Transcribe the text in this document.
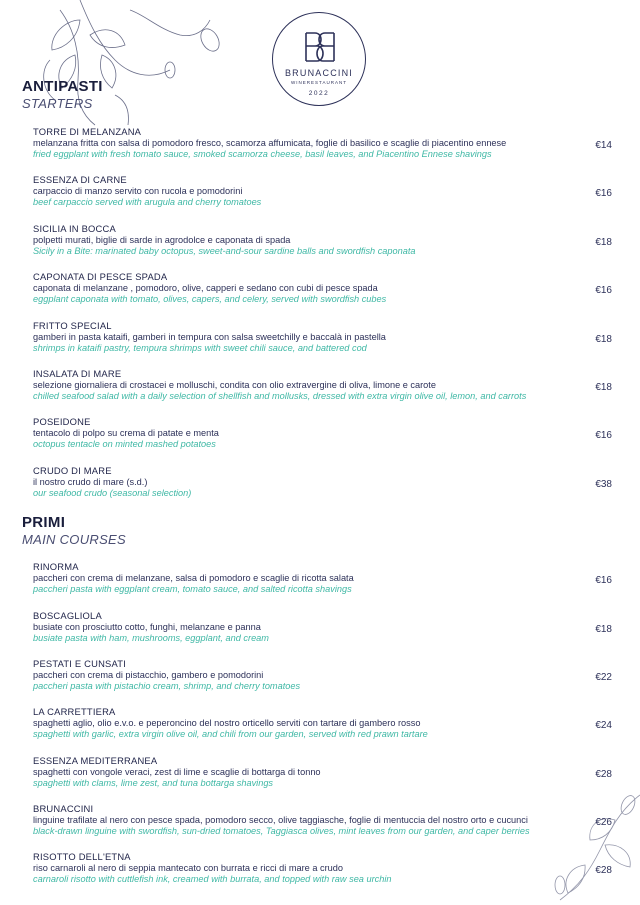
BRUNACCINI
WINERESTAURANT
2022
ANTIPASTI
STARTERS
TORRE DI MELANZANA
melanzana fritta con salsa di pomodoro fresco, scamorza affumicata, foglie di basilico e scaglie di piacentino ennese
fried eggplant with fresh tomato sauce, smoked scamorza cheese, basil leaves, and Piacentino Ennese shavings
€14
ESSENZA DI CARNE
carpaccio di manzo servito con rucola e pomodorini
beef carpaccio served with arugula and cherry tomatoes
€16
SICILIA IN BOCCA
polpetti murati, biglie di sarde in agrodolce e caponata di spada
Sicily in a Bite: marinated baby octopus, sweet-and-sour sardine balls and swordfish caponata
€18
CAPONATA DI PESCE SPADA
caponata di melanzane , pomodoro, olive, capperi e sedano con cubi di pesce spada
eggplant caponata with tomato, olives, capers, and celery, served with swordfish cubes
€16
FRITTO SPECIAL
gamberi in pasta kataifi, gamberi in tempura con salsa sweetchilly e baccalà in pastella
shrimps in kataifi pastry, tempura shrimps with sweet chili sauce, and battered cod
€18
INSALATA DI MARE
selezione giornaliera di crostacei e molluschi, condita con olio extravergine di oliva, limone e carote
chilled seafood salad with a daily selection of shellfish and mollusks, dressed with extra virgin olive oil, lemon, and carrots
€18
POSEIDONE
tentacolo di polpo su crema di patate e menta
octopus tentacle on minted mashed potatoes
€16
CRUDO DI MARE
il nostro crudo di mare (s.d.)
our seafood crudo (seasonal selection)
€38
PRIMI
MAIN COURSES
RINORMA
paccheri con crema di melanzane, salsa di pomodoro e scaglie di ricotta salata
paccheri pasta with eggplant cream, tomato sauce, and salted ricotta shavings
€16
BOSCAGLIOLA
busiate con prosciutto cotto, funghi, melanzane e panna
busiate pasta with ham, mushrooms, eggplant, and cream
€18
PESTATI E CUNSATI
paccheri con crema di pistacchio, gambero e pomodorini
paccheri pasta with pistachio cream, shrimp, and cherry tomatoes
€22
LA CARRETTIERA
spaghetti aglio, olio e.v.o. e peperoncino del nostro orticello serviti con tartare di gambero rosso
spaghetti with garlic, extra virgin olive oil, and chili from our garden, served with red prawn tartare
€24
ESSENZA MEDITERRANEA
spaghetti con vongole veraci, zest di lime e scaglie di bottarga di tonno
spaghetti with clams, lime zest, and tuna bottarga shavings
€28
BRUNACCINI
linguine trafilate al nero con pesce spada, pomodoro secco, olive taggiasche, foglie di mentuccia del nostro orto e cucunci
black-drawn linguine with swordfish, sun-dried tomatoes, Taggiasca olives, mint leaves from our garden, and caper berries
€26
RISOTTO DELL'ETNA
riso carnaroli al nero di seppia mantecato con burrata e ricci di mare a crudo
carnaroli risotto with cuttlefish ink, creamed with burrata, and topped with raw sea urchin
€28
